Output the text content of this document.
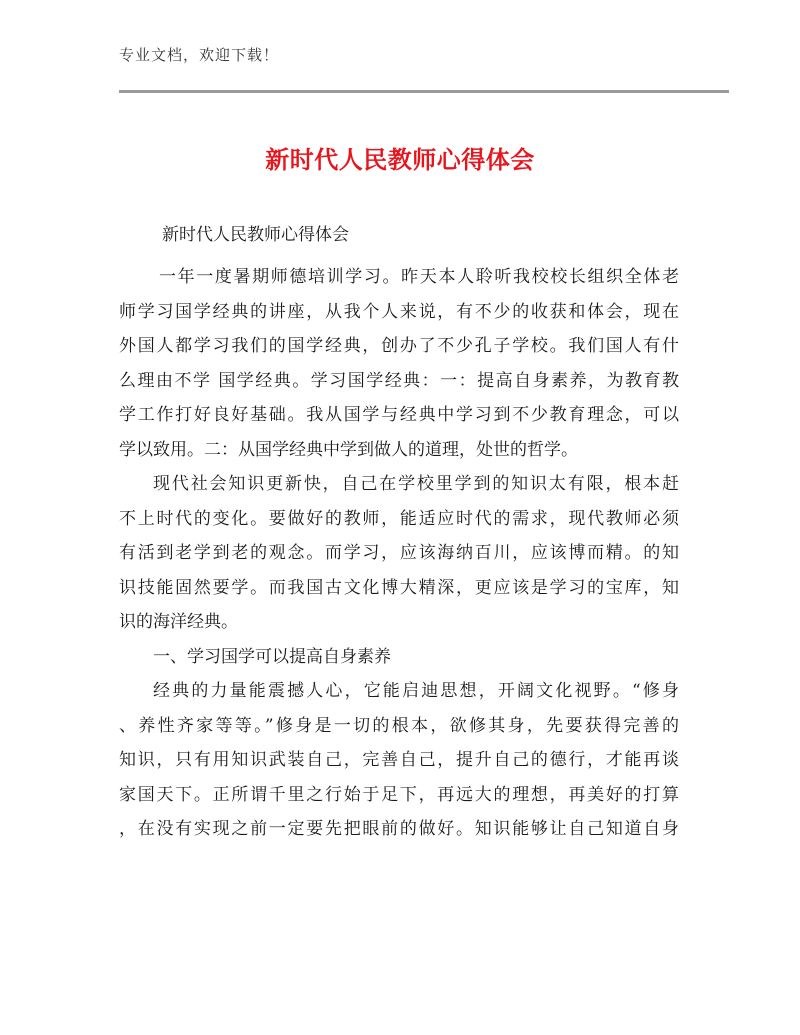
专业文档，欢迎下载！
新时代人民教师心得体会
新时代人民教师心得体会
一年一度暑期师德培训学习。昨天本人聆听我校校长组织全体老
师学习国学经典的讲座，从我个人来说，有不少的收获和体会，现在
外国人都学习我们的国学经典，创办了不少孔子学校。我们国人有什
么理由不学 国学经典。学习国学经典：一：提高自身素养，为教育教
学工作打好良好基础。我从国学与经典中学习到不少教育理念，可以
学以致用。二：从国学经典中学到做人的道理，处世的哲学。
现代社会知识更新快，自己在学校里学到的知识太有限，根本赶
不上时代的变化。要做好的教师，能适应时代的需求，现代教师必须
有活到老学到老的观念。而学习，应该海纳百川，应该博而精。的知
识技能固然要学。而我国古文化博大精深，更应该是学习的宝库，知
识的海洋经典。
一、学习国学可以提高自身素养
经典的力量能震撼人心，它能启迪思想，开阔文化视野。“修身
、养性齐家等等。”修身是一切的根本，欲修其身，先要获得完善的
知识，只有用知识武装自己，完善自己，提升自己的德行，才能再谈
家国天下。正所谓千里之行始于足下，再远大的理想，再美好的打算
，在没有实现之前一定要先把眼前的做好。知识能够让自己知道自身
